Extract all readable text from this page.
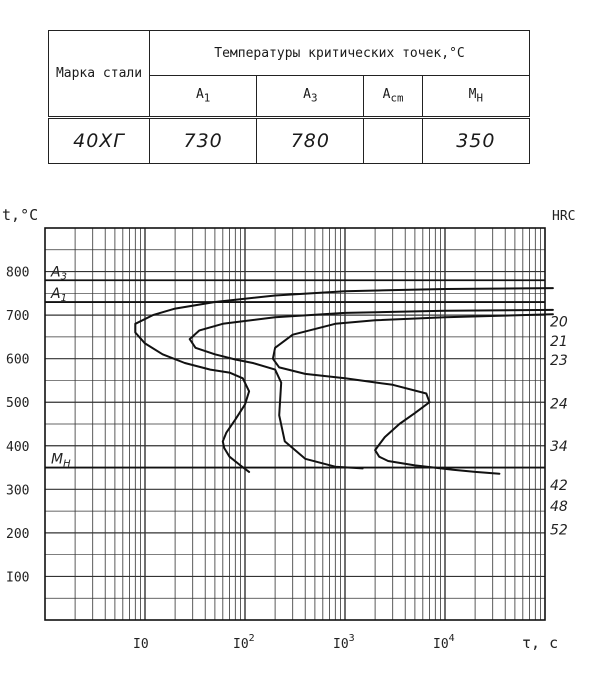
Марка стали	Температуры критических точек,°C			
	$A_1$	$A_3$	$A_{cm}$	$M_H$
40ХГ	730	780		350
t,°C	HRC
τ, с
I00
200
300
400
500
600
700
800
I0	$I0^2$	$I0^3$	$I0^4$
$A_3$
$A_1$
$M_H$
20
21
23
24
34
42
48
52
